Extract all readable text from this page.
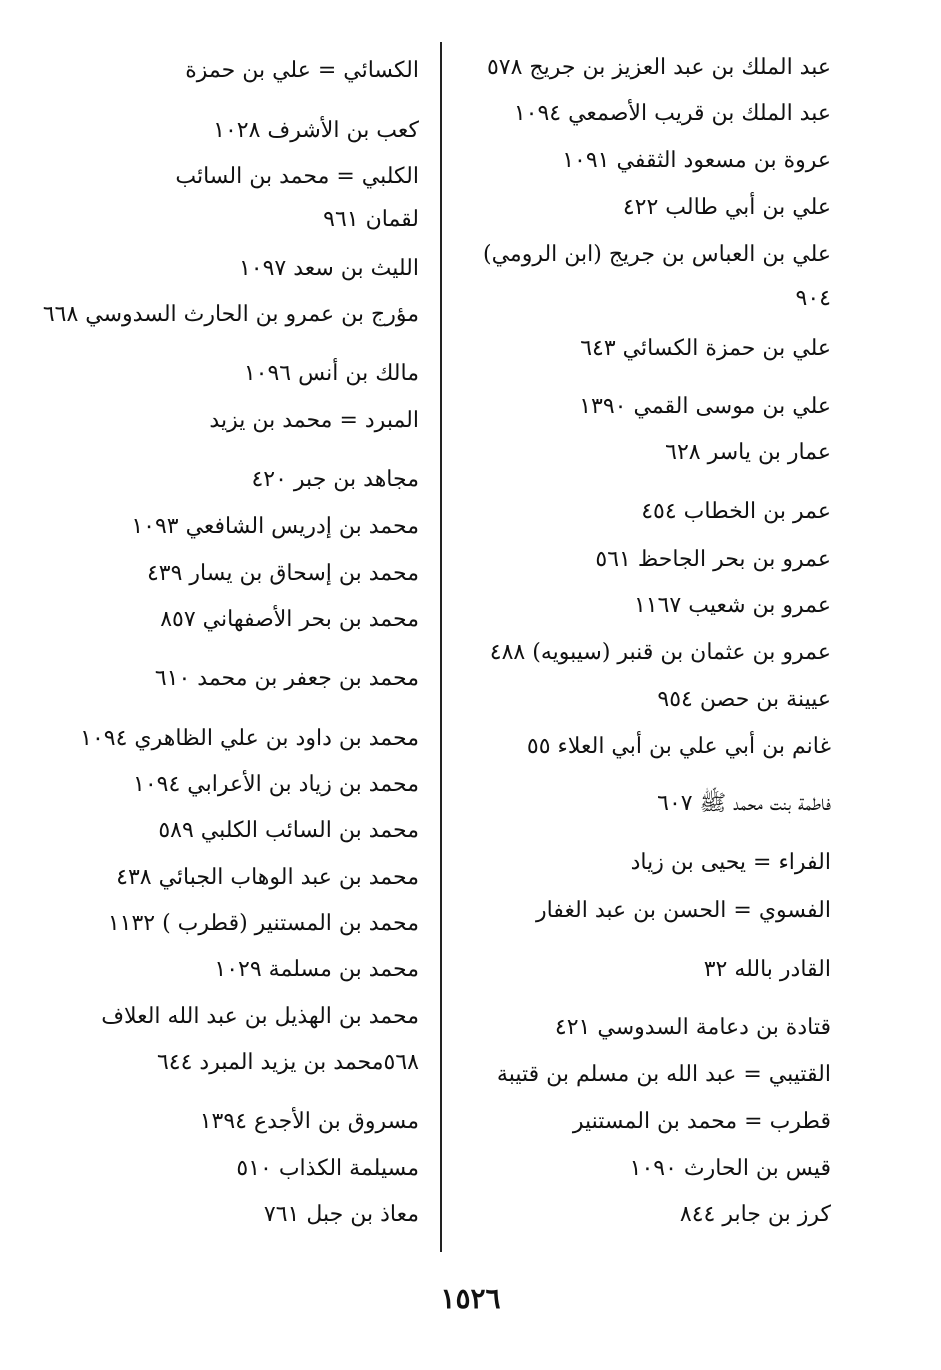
عبد الملك بن عبد العزيز بن جريج ٥٧٨
عبد الملك بن قريب الأصمعي ١٠٩٤
عروة بن مسعود الثقفي ١٠٩١
علي بن أبي طالب ٤٢٢
علي بن العباس بن جريج (ابن الرومي)
٩٠٤
علي بن حمزة الكسائي ٦٤٣
علي بن موسى القمي ١٣٩٠
عمار بن ياسر ٦٢٨
عمر بن الخطاب ٤٥٤
عمرو بن بحر الجاحظ ٥٦١
عمرو بن شعيب ١١٦٧
عمرو بن عثمان بن قنبر (سيبويه) ٤٨٨
عيينة بن حصن ٩٥٤
غانم بن أبي علي بن أبي العلاء ٥٥
فاطمة بنت محمد ﷺ ٦٠٧
الفراء = يحيى بن زياد
الفسوي = الحسن بن عبد الغفار
القادر بالله ٣٢
قتادة بن دعامة السدوسي ٤٢١
القتيبي = عبد الله بن مسلم بن قتيبة
قطرب = محمد بن المستنير
قيس بن الحارث ١٠٩٠
كرز بن جابر ٨٤٤
الكسائي = علي بن حمزة
كعب بن الأشرف ١٠٢٨
الكلبي = محمد بن السائب
لقمان ٩٦١
الليث بن سعد ١٠٩٧
مؤرج بن عمرو بن الحارث السدوسي ٦٦٨
مالك بن أنس ١٠٩٦
المبرد = محمد بن يزيد
مجاهد بن جبر ٤٢٠
محمد بن إدريس الشافعي ١٠٩٣
محمد بن إسحاق بن يسار ٤٣٩
محمد بن بحر الأصفهاني ٨٥٧
محمد بن جعفر بن محمد ٦١٠
محمد بن داود بن علي الظاهري ١٠٩٤
محمد بن زياد بن الأعرابي ١٠٩٤
محمد بن السائب الكلبي ٥٨٩
محمد بن عبد الوهاب الجبائي ٤٣٨
محمد بن المستنير (قطرب ) ١١٣٢
محمد بن مسلمة ١٠٢٩
محمد بن الهذيل بن عبد الله العلاف
٥٦٨محمد بن يزيد المبرد ٦٤٤
مسروق بن الأجدع ١٣٩٤
مسيلمة الكذاب ٥١٠
معاذ بن جبل ٧٦١
١٥٢٦
